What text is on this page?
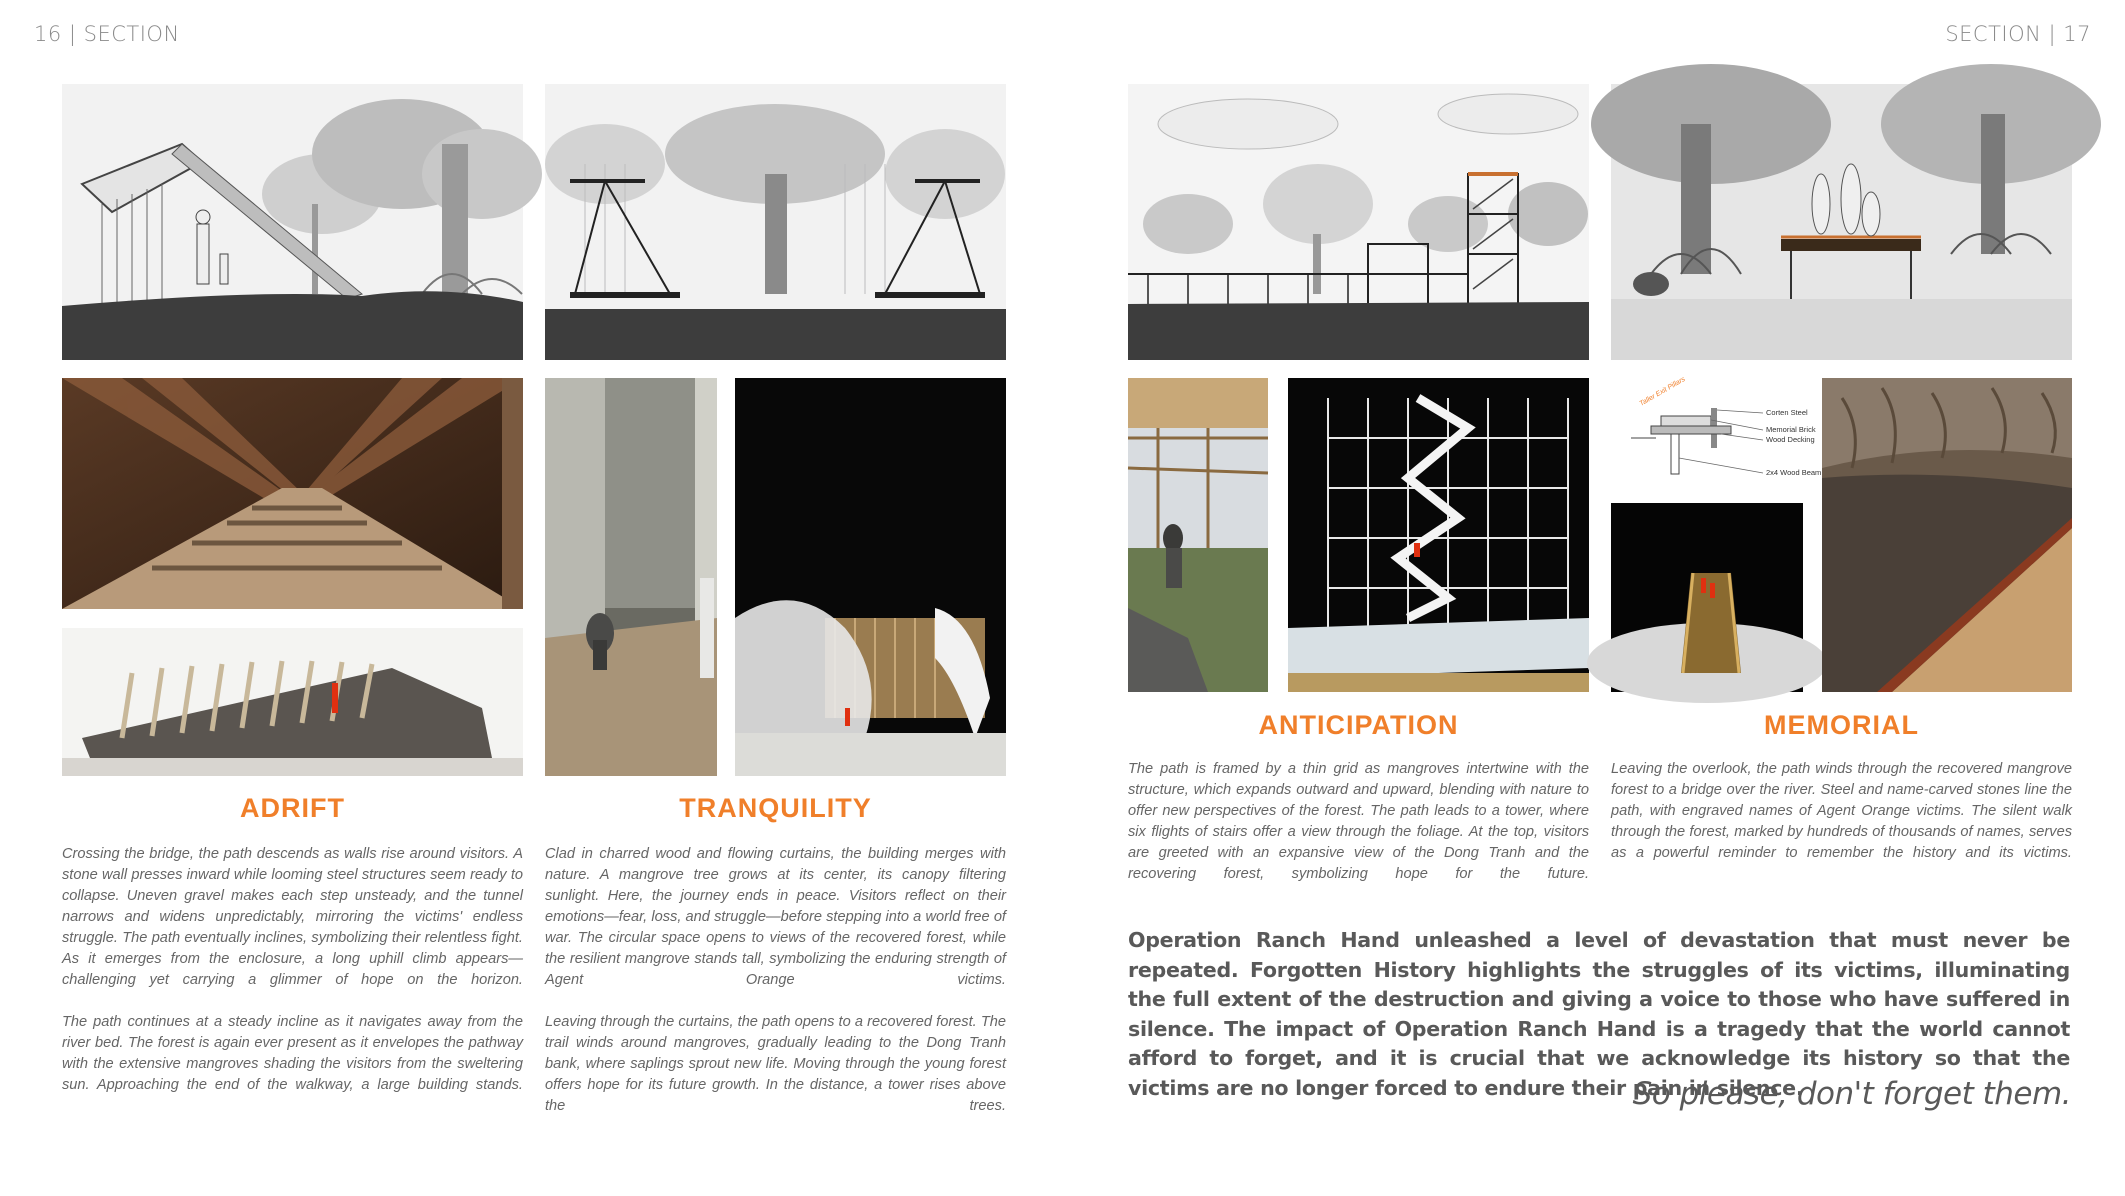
16 | SECTION	SECTION | 17
ADRIFT	TRANQUILITY

Crossing the bridge, the path descends as walls rise around visitors. A stone wall presses inward while looming steel structures seem ready to collapse. Uneven gravel makes each step unsteady, and the tunnel narrows and widens unpredictably, mirroring the victims' endless struggle. The path eventually inclines, symbolizing their relentless fight. As it emerges from the enclosure, a long uphill climb appears—challenging yet carrying a glimmer of hope on the horizon.

The path continues at a steady incline as it navigates away from the river bed. The forest is again ever present as it envelopes the pathway with the extensive mangroves shading the visitors from the sweltering sun. Approaching the end of the walkway, a large building stands.

Clad in charred wood and flowing curtains, the building merges with nature. A mangrove tree grows at its center, its canopy filtering sunlight. Here, the journey ends in peace. Visitors reflect on their emotions—fear, loss, and struggle—before stepping into a world free of war. The circular space opens to views of the recovered forest, while the resilient mangrove stands tall, symbolizing the enduring strength of Agent Orange victims.

Leaving through the curtains, the path opens to a recovered forest. The trail winds around mangroves, gradually leading to the Dong Tranh bank, where saplings sprout new life. Moving through the young forest offers hope for its future growth. In the distance, a tower rises above the trees.

Taller Exit Pillars
Corten Steel
Memorial Brick
Wood Decking
2x4 Wood Beam
ANTICIPATION	MEMORIAL

The path is framed by a thin grid as mangroves intertwine with the structure, which expands outward and upward, blending with nature to offer new perspectives of the forest. The path leads to a tower, where six flights of stairs offer a view through the foliage. At the top, visitors are greeted with an expansive view of the Dong Tranh and the recovering forest, symbolizing hope for the future.

Leaving the overlook, the path winds through the recovered mangrove forest to a bridge over the river. Steel and name-carved stones line the path, with engraved names of Agent Orange victims. The silent walk through the forest, marked by hundreds of thousands of names, serves as a powerful reminder to remember the history and its victims.

Operation Ranch Hand unleashed a level of devastation that must never be repeated. Forgotten History highlights the struggles of its victims, illuminating the full extent of the destruction and giving a voice to those who have suffered in silence. The impact of Operation Ranch Hand is a tragedy that the world cannot afford to forget, and it is crucial that we acknowledge its history so that the victims are no longer forced to endure their pain in silence.
So please, don't forget them.
